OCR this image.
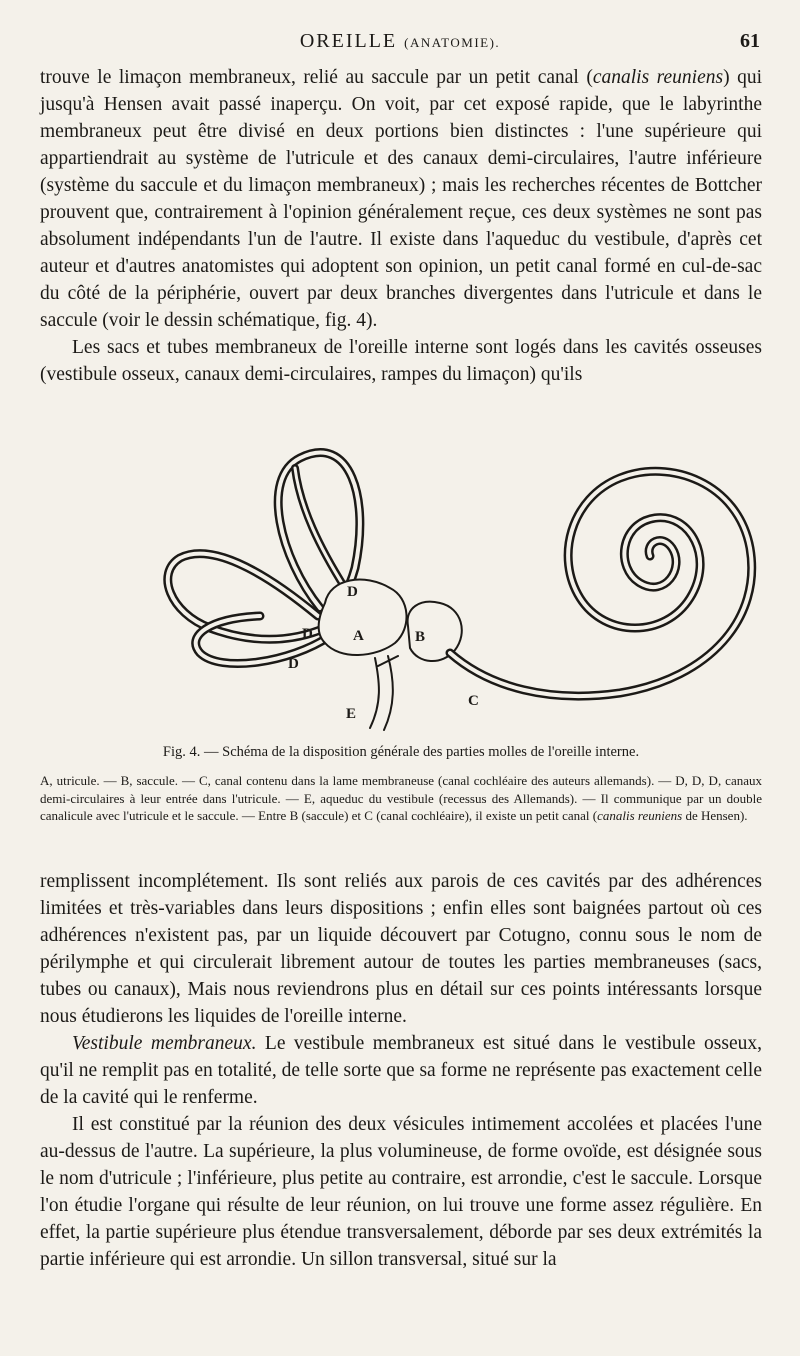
OREILLE (ANATOMIE).	61

trouve le limaçon membraneux, relié au saccule par un petit canal (canalis reuniens) qui jusqu'à Hensen avait passé inaperçu. On voit, par cet exposé rapide, que le labyrinthe membraneux peut être divisé en deux portions bien distinctes : l'une supérieure qui appartiendrait au système de l'utricule et des canaux demi-circulaires, l'autre inférieure (système du saccule et du limaçon membraneux) ; mais les recherches récentes de Bottcher prouvent que, contrairement à l'opinion généralement reçue, ces deux systèmes ne sont pas absolument indépendants l'un de l'autre. Il existe dans l'aqueduc du vestibule, d'après cet auteur et d'autres anatomistes qui adoptent son opinion, un petit canal formé en cul-de-sac du côté de la périphérie, ouvert par deux branches divergentes dans l'utricule et dans le saccule (voir le dessin schématique, fig. 4).

Les sacs et tubes membraneux de l'oreille interne sont logés dans les cavités osseuses (vestibule osseux, canaux demi-circulaires, rampes du limaçon) qu'ils

D
D
D
A	B
C
E
Fig. 4. — Schéma de la disposition générale des parties molles de l'oreille interne.
A, utricule. — B, saccule. — C, canal contenu dans la lame membraneuse (canal cochléaire des auteurs allemands). — D, D, D, canaux demi-circulaires à leur entrée dans l'utricule. — E, aqueduc du vestibule (recessus des Allemands). — Il communique par un double canalicule avec l'utricule et le saccule. — Entre B (saccule) et C (canal cochléaire), il existe un petit canal (canalis reuniens de Hensen).

remplissent incomplétement. Ils sont reliés aux parois de ces cavités par des adhérences limitées et très-variables dans leurs dispositions ; enfin elles sont baignées partout où ces adhérences n'existent pas, par un liquide découvert par Cotugno, connu sous le nom de périlymphe et qui circulerait librement autour de toutes les parties membraneuses (sacs, tubes ou canaux), Mais nous reviendrons plus en détail sur ces points intéressants lorsque nous étudierons les liquides de l'oreille interne.

Vestibule membraneux. Le vestibule membraneux est situé dans le vestibule osseux, qu'il ne remplit pas en totalité, de telle sorte que sa forme ne représente pas exactement celle de la cavité qui le renferme.

Il est constitué par la réunion des deux vésicules intimement accolées et placées l'une au-dessus de l'autre. La supérieure, la plus volumineuse, de forme ovoïde, est désignée sous le nom d'utricule ; l'inférieure, plus petite au contraire, est arrondie, c'est le saccule. Lorsque l'on étudie l'organe qui résulte de leur réunion, on lui trouve une forme assez régulière. En effet, la partie supérieure plus étendue transversalement, déborde par ses deux extrémités la partie inférieure qui est arrondie. Un sillon transversal, situé sur la
